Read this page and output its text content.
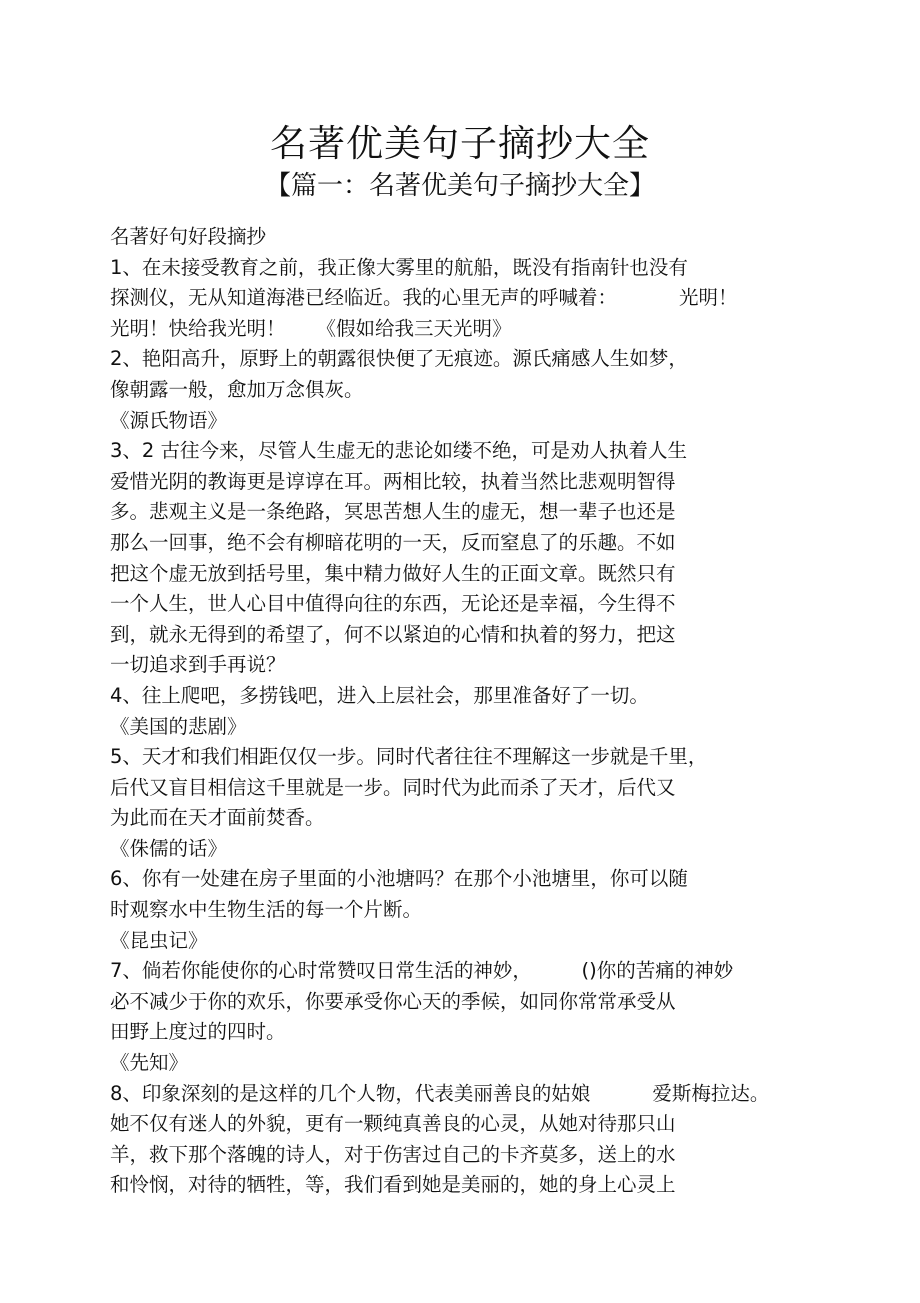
名著优美句子摘抄大全
【篇一：名著优美句子摘抄大全】
名著好句好段摘抄
1、在未接受教育之前，我正像大雾里的航船，既没有指南针也没有
探测仪，无从知道海港已经临近。我的心里无声的呼喊着：          光明！
光明！快给我光明！     《假如给我三天光明》
2、艳阳高升，原野上的朝露很快便了无痕迹。源氏痛感人生如梦，
像朝露一般，愈加万念俱灰。
《源氏物语》
3、2 古往今来，尽管人生虚无的悲论如缕不绝，可是劝人执着人生
爱惜光阴的教诲更是谆谆在耳。两相比较，执着当然比悲观明智得
多。悲观主义是一条绝路，冥思苦想人生的虚无，想一辈子也还是
那么一回事，绝不会有柳暗花明的一天，反而窒息了的乐趣。不如
把这个虚无放到括号里，集中精力做好人生的正面文章。既然只有
一个人生，世人心目中值得向往的东西，无论还是幸福，今生得不
到，就永无得到的希望了，何不以紧迫的心情和执着的努力，把这
一切追求到手再说？
4、往上爬吧，多捞钱吧，进入上层社会，那里准备好了一切。
《美国的悲剧》
5、天才和我们相距仅仅一步。同时代者往往不理解这一步就是千里，
后代又盲目相信这千里就是一步。同时代为此而杀了天才，后代又
为此而在天才面前焚香。
《侏儒的话》
6、你有一处建在房子里面的小池塘吗？在那个小池塘里，你可以随
时观察水中生物生活的每一个片断。
《昆虫记》
7、倘若你能使你的心时常赞叹日常生活的神妙，        ()你的苦痛的神妙
必不减少于你的欢乐，你要承受你心天的季候，如同你常常承受从
田野上度过的四时。
《先知》
8、印象深刻的是这样的几个人物，代表美丽善良的姑娘          爱斯梅拉达。
她不仅有迷人的外貌，更有一颗纯真善良的心灵，从她对待那只山
羊，救下那个落魄的诗人，对于伤害过自己的卡齐莫多，送上的水
和怜悯，对待的牺牲，等，我们看到她是美丽的，她的身上心灵上
